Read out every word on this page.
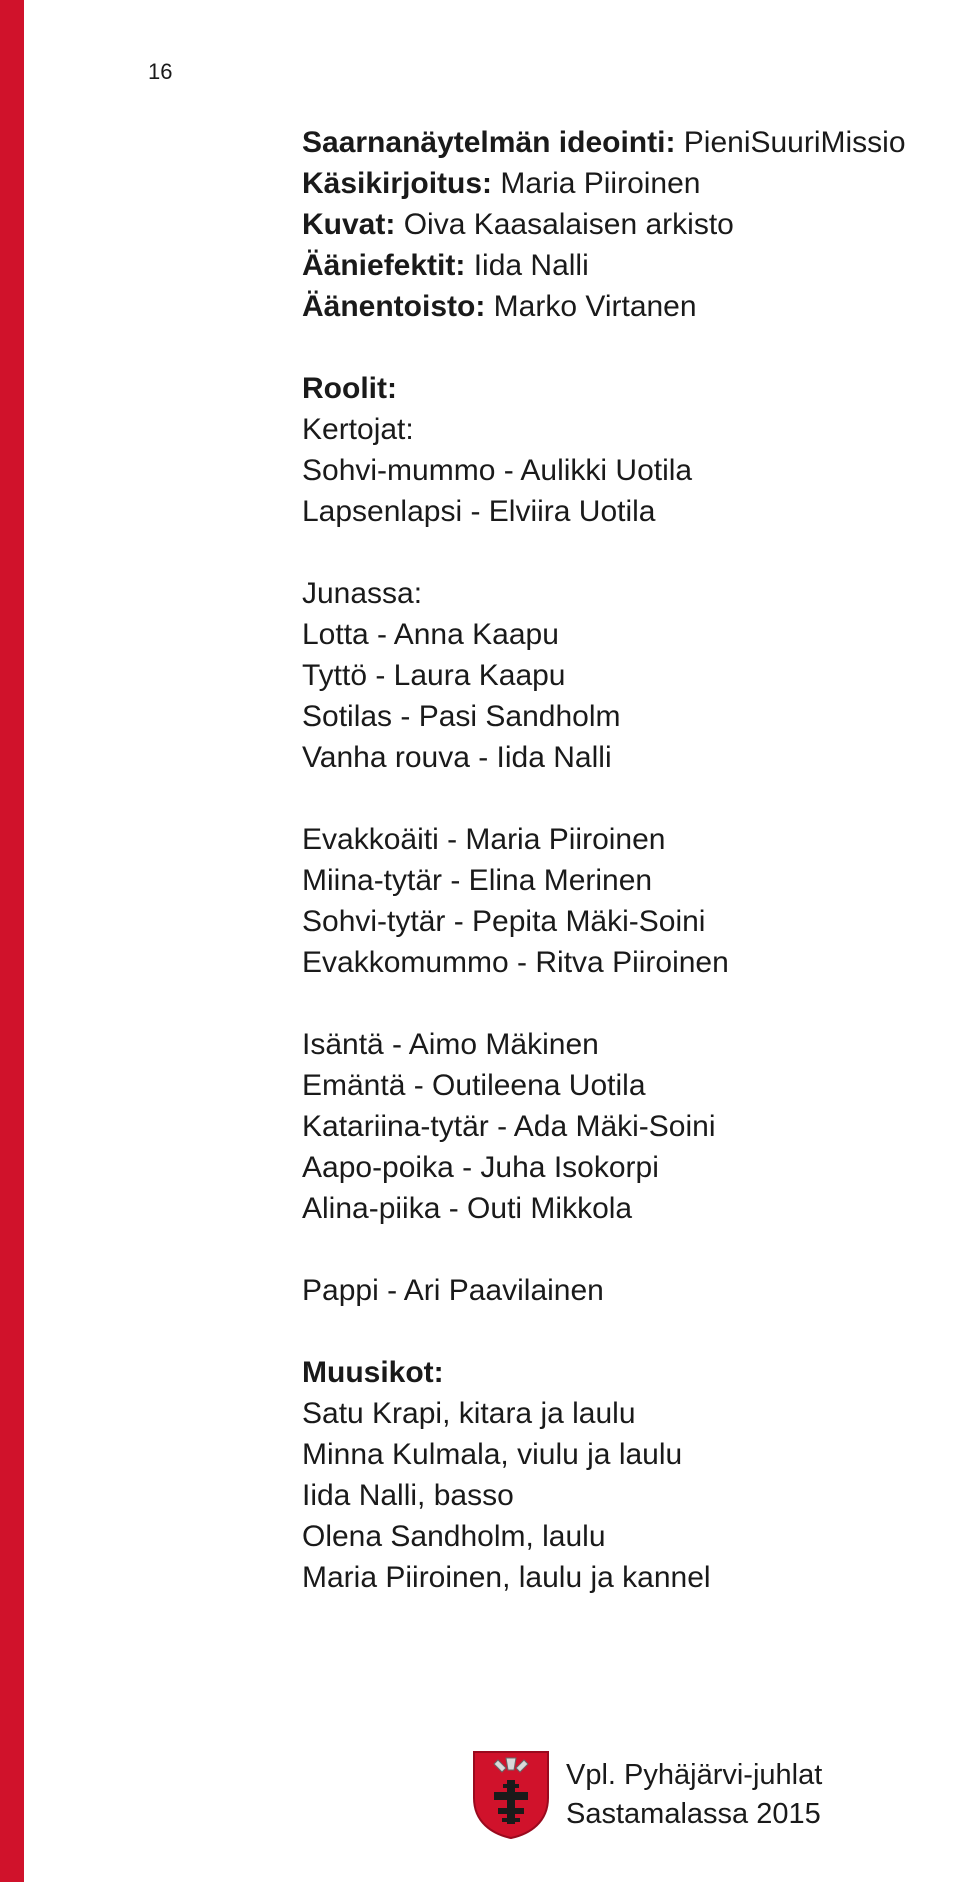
16
Saarnanäytelmän ideointi: PieniSuuriMissio
Käsikirjoitus: Maria Piiroinen
Kuvat: Oiva Kaasalaisen arkisto
Ääniefektit: Iida Nalli
Äänentoisto: Marko Virtanen
Roolit:
Kertojat:
Sohvi-mummo - Aulikki Uotila
Lapsenlapsi - Elviira Uotila
Junassa:
Lotta - Anna Kaapu
Tyttö - Laura Kaapu
Sotilas - Pasi Sandholm
Vanha rouva - Iida Nalli
Evakkoäiti - Maria Piiroinen
Miina-tytär - Elina Merinen
Sohvi-tytär - Pepita Mäki-Soini
Evakkomummo - Ritva Piiroinen
Isäntä - Aimo Mäkinen
Emäntä - Outileena Uotila
Katariina-tytär - Ada Mäki-Soini
Aapo-poika - Juha Isokorpi
Alina-piika - Outi Mikkola
Pappi - Ari Paavilainen
Muusikot:
Satu Krapi, kitara ja laulu
Minna Kulmala, viulu ja laulu
Iida Nalli, basso
Olena Sandholm, laulu
Maria Piiroinen, laulu ja kannel
Vpl. Pyhäjärvi-juhlat
Sastamalassa 2015
